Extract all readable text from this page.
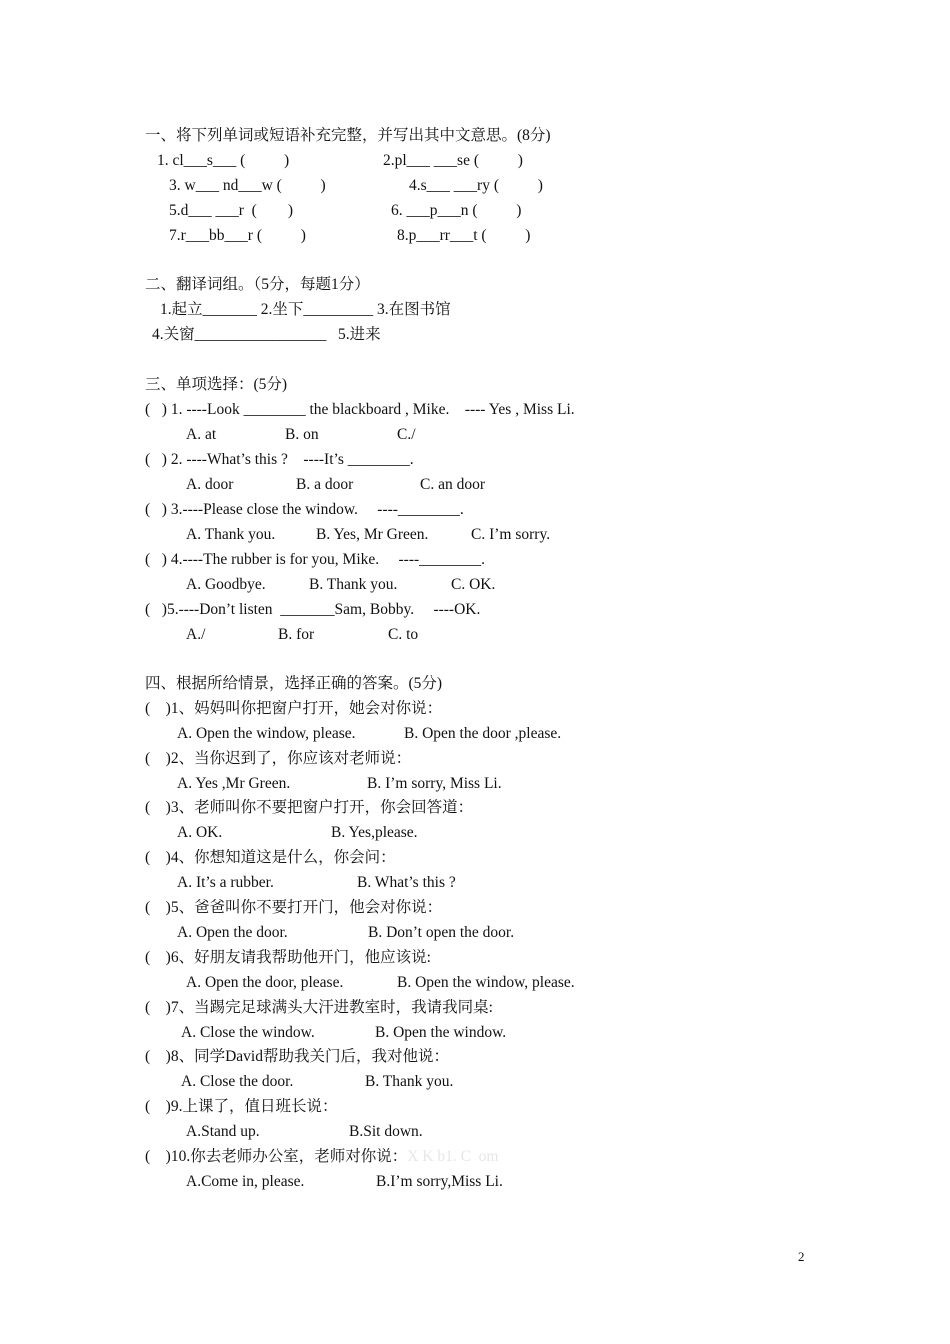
一、将下列单词或短语补充完整，并写出其中文意思。(8分)
1. cl___s___ (          )	2.pl___ ___se (          )
3. w___ nd___w (          )	4.s___ ___ry (          )
5.d___ ___r  (        )	6. ___p___n (          )
7.r___bb___r (          )	8.p___rr___t (          )
二、翻译词组。（5分，每题1分）
1.起立_______ 2.坐下_________ 3.在图书馆
4.关窗_________________   5.进来
三、单项选择：(5分)
(   ) 1. ----Look ________ the blackboard , Mike.    ---- Yes , Miss Li.
A. at	B. on	C./
(   ) 2. ----What’s this ?    ----It’s ________.
A. door	B. a door	C. an door
(   ) 3.----Please close the window.     ----________.
A. Thank you.	B. Yes, Mr Green.	C. I’m sorry.
(   ) 4.----The rubber is for you, Mike.     ----________.
A. Goodbye.	B. Thank you.	C. OK.
(   )5.----Don’t listen  _______Sam, Bobby.     ----OK.
A./	B. for	C. to
四、根据所给情景，选择正确的答案。(5分)
(    )1、妈妈叫你把窗户打开，她会对你说：
A. Open the window, please.	B. Open the door ,please.
(    )2、当你迟到了，你应该对老师说：
A. Yes ,Mr Green.	B. I’m sorry, Miss Li.
(    )3、老师叫你不要把窗户打开，你会回答道：
A. OK.	B. Yes,please.
(    )4、你想知道这是什么，你会问：
A. It’s a rubber.	B. What’s this ?
(    )5、爸爸叫你不要打开门，他会对你说：
A. Open the door.	B. Don’t open the door.
(    )6、好朋友请我帮助他开门，他应该说:
A. Open the door, please.	B. Open the window, please.
(    )7、当踢完足球满头大汗进教室时，我请我同桌:
A. Close the window.	B. Open the window.
(    )8、同学David帮助我关门后，我对他说：
A. Close the door.	B. Thank you.
(    )9.上课了，值日班长说：
A.Stand up.	B.Sit down.
(    )10.你去老师办公室，老师对你说：X K b1. C  om
A.Come in, please.	B.I’m sorry,Miss Li.
2
